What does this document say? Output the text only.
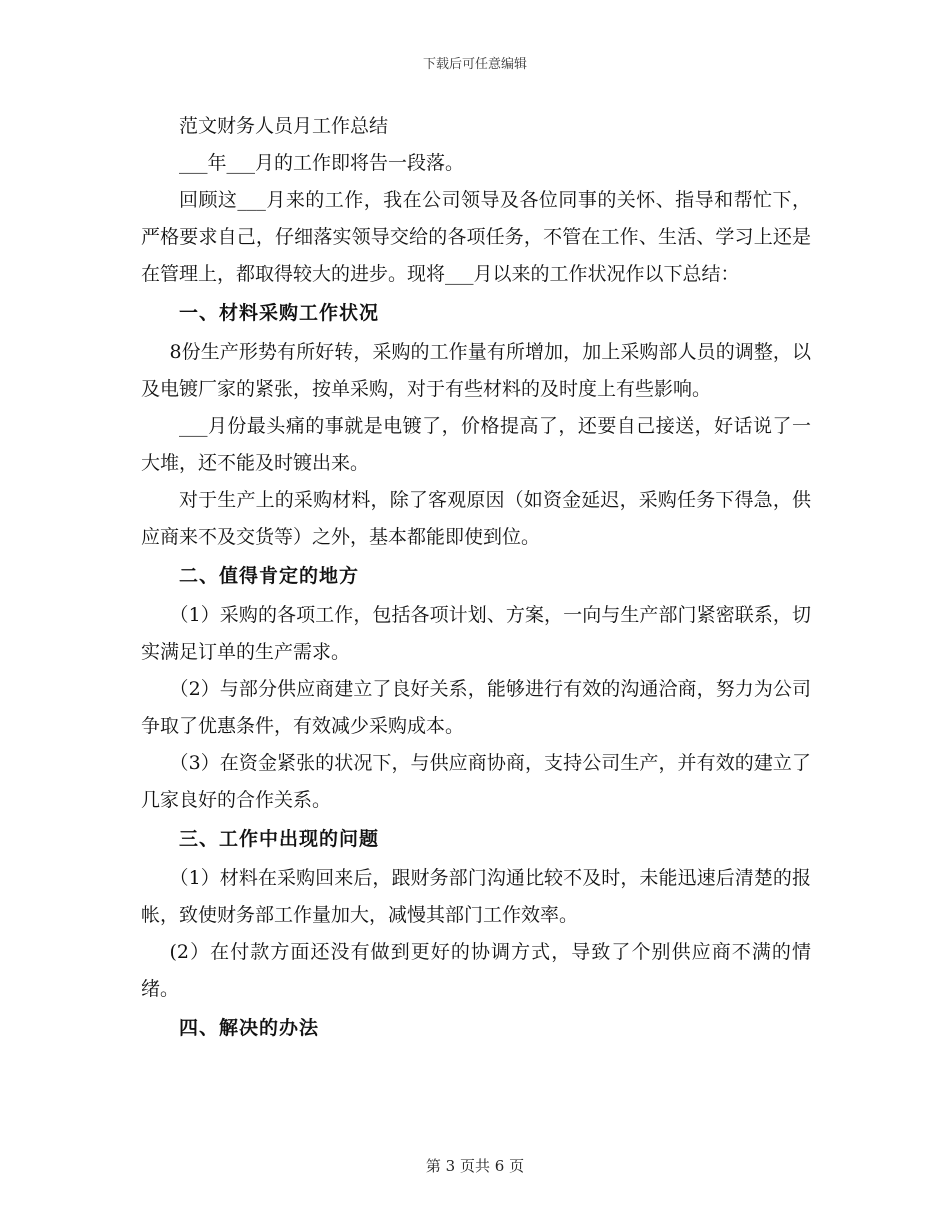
下载后可任意编辑

范文财务人员月工作总结

___年___月的工作即将告一段落。

回顾这___月来的工作，我在公司领导及各位同事的关怀、指导和帮忙下，严格要求自己，仔细落实领导交给的各项任务，不管在工作、生活、学习上还是在管理上，都取得较大的进步。现将___月以来的工作状况作以下总结：

一、材料采购工作状况

8份生产形势有所好转，采购的工作量有所增加，加上采购部人员的调整，以及电镀厂家的紧张，按单采购，对于有些材料的及时度上有些影响。

___月份最头痛的事就是电镀了，价格提高了，还要自己接送，好话说了一大堆，还不能及时镀出来。

对于生产上的采购材料，除了客观原因（如资金延迟，采购任务下得急，供应商来不及交货等）之外，基本都能即使到位。

二、值得肯定的地方

（1）采购的各项工作，包括各项计划、方案，一向与生产部门紧密联系，切实满足订单的生产需求。

（2）与部分供应商建立了良好关系，能够进行有效的沟通洽商，努力为公司争取了优惠条件，有效减少采购成本。

（3）在资金紧张的状况下，与供应商协商，支持公司生产，并有效的建立了几家良好的合作关系。

三、工作中出现的问题

（1）材料在采购回来后，跟财务部门沟通比较不及时，未能迅速后清楚的报帐，致使财务部工作量加大，减慢其部门工作效率。

(2）在付款方面还没有做到更好的协调方式，导致了个别供应商不满的情绪。

四、解决的办法

第 3 页共 6 页
